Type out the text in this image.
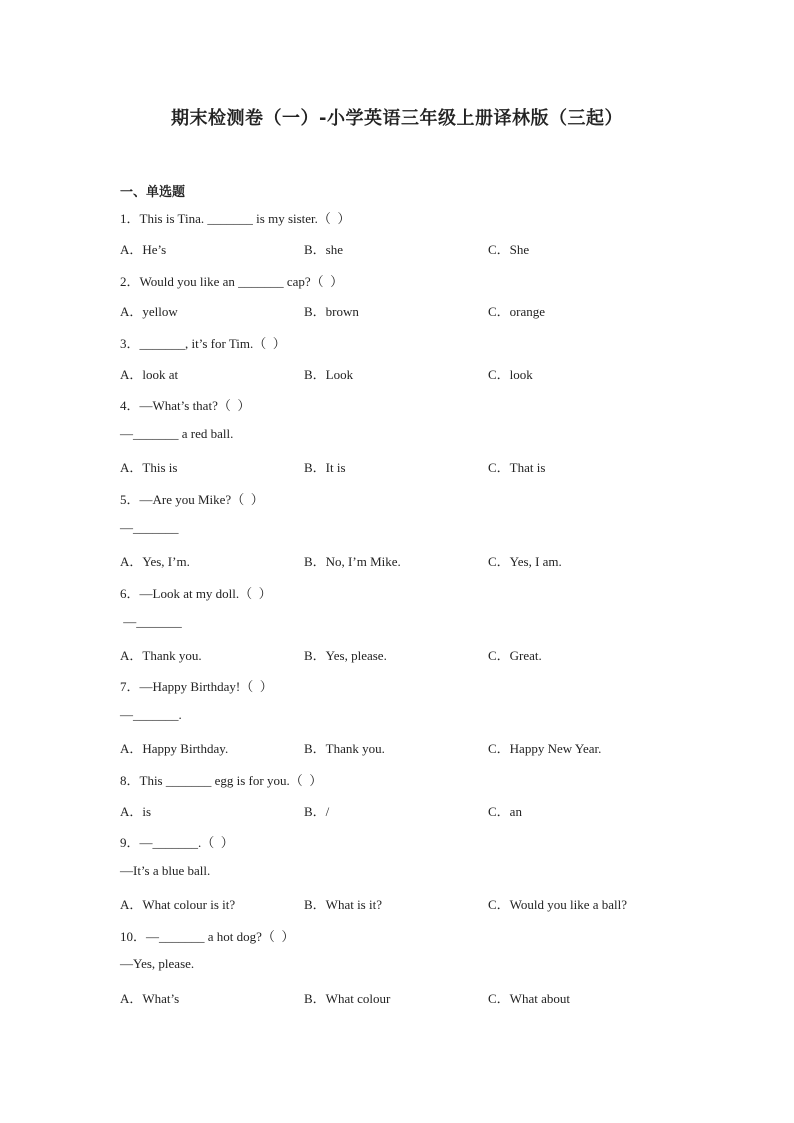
期末检测卷（一）-小学英语三年级上册译林版（三起）
一、单选题
1．This is Tina. _______ is my sister.（  ）
A．He’s	B．she	C．She
2．Would you like an _______ cap?（  ）
A．yellow	B．brown	C．orange
3．_______, it’s for Tim.（  ）
A．look at	B．Look	C．look
4．—What’s that?（  ）
—_______ a red ball.
A．This is	B．It is	C．That is
5．—Are you Mike?（  ）
—_______
A．Yes, I’m.	B．No, I’m Mike.	C．Yes, I am.
6．—Look at my doll.（  ）
—_______
A．Thank you.	B．Yes, please.	C．Great.
7．—Happy Birthday!（  ）
—_______.
A．Happy Birthday.	B．Thank you.	C．Happy New Year.
8．This _______ egg is for you.（  ）
A．is	B．/	C．an
9．—_______.（  ）
—It’s a blue ball.
A．What colour is it?	B．What is it?	C．Would you like a ball?
10．—_______ a hot dog?（  ）
—Yes, please.
A．What’s	B．What colour	C．What about
